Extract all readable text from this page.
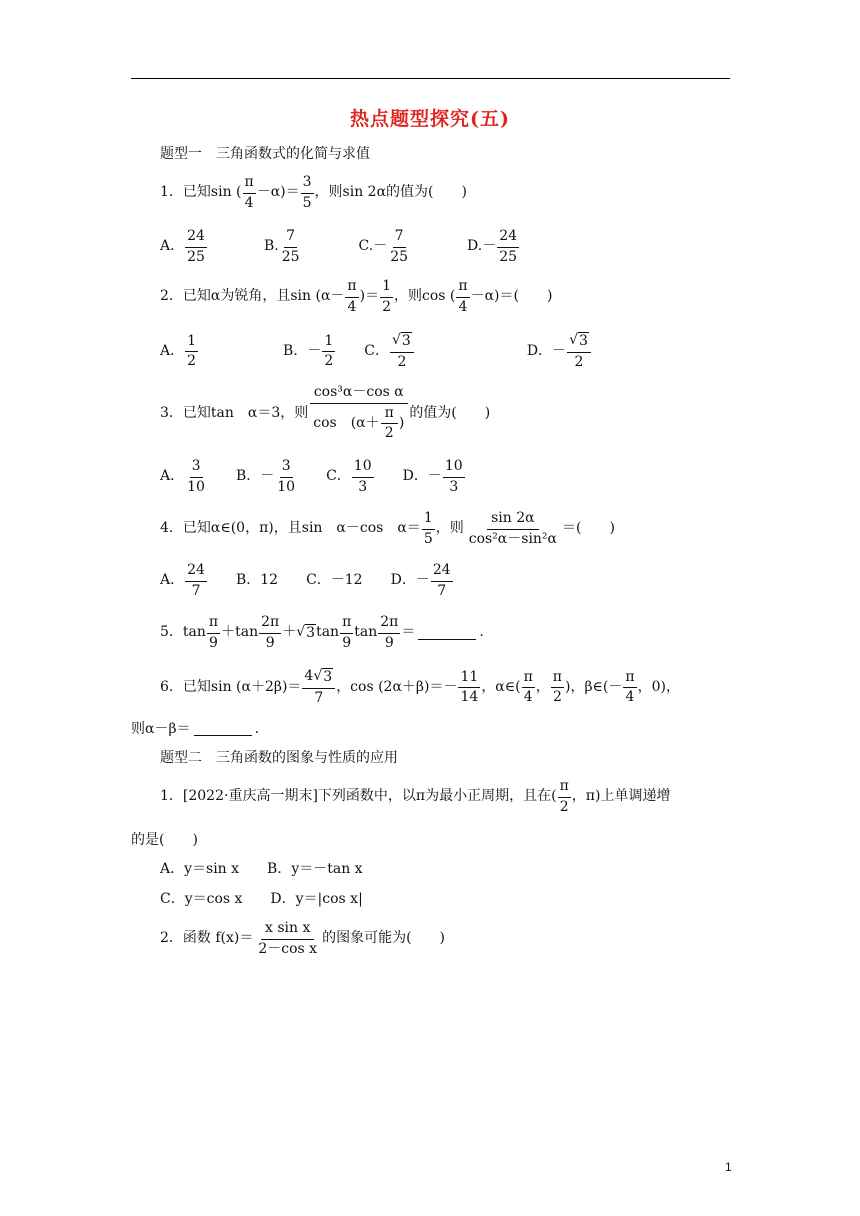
热点题型探究(五)
题型一　三角函数式的化简与求值
1．已知sin (
π
4
－α)＝
3
5
，则sin 2α的值为(　　)
A．
24
25
B.
7
25
C.－
7
25
D.－
24
25
2．已知α为锐角，且sin (α－
π
4
)＝
1
2
，则cos (
π
4
－α)＝(　　)
A．
1
2
B．－
1
2
C．
√ 3
2
D．－
√ 3
2
3．已知tan　α＝3，则
cos³α－cos α
cos　(α＋
π
2
)
的值为(　　)
A．
3
10
B．－
3
10
C．
10
3
D．－
10
3
4．已知α∈(0，π)，且sin　α－cos　α＝
1
5
，则
sin 2α
cos²α－sin²α
＝(　　)
A．
24
7
B．12 C．－12 D．－
24
7
5．tan
π
9
＋tan
2π
9
＋ √ 3 tan
π
9
tan
2π
9
＝	.
6．已知sin (α＋2β)＝
4√ 3
7
，cos (2α＋β)＝－
11
14
，α∈(
π
4
，
π
2
)，β∈(－
π
4
，0)，
则α－β＝	.
题型二　三角函数的图象与性质的应用
1．[2022·重庆高一期末]下列函数中，以π为最小正周期，且在(
π
2
，π)上单调递增
的是(　　)
A．y＝sin x B．y＝－tan x
C．y＝cos x D．y＝|cos x|
2．函数 f(x)＝
x sin x
2－cos x
的图象可能为(　　)
1
